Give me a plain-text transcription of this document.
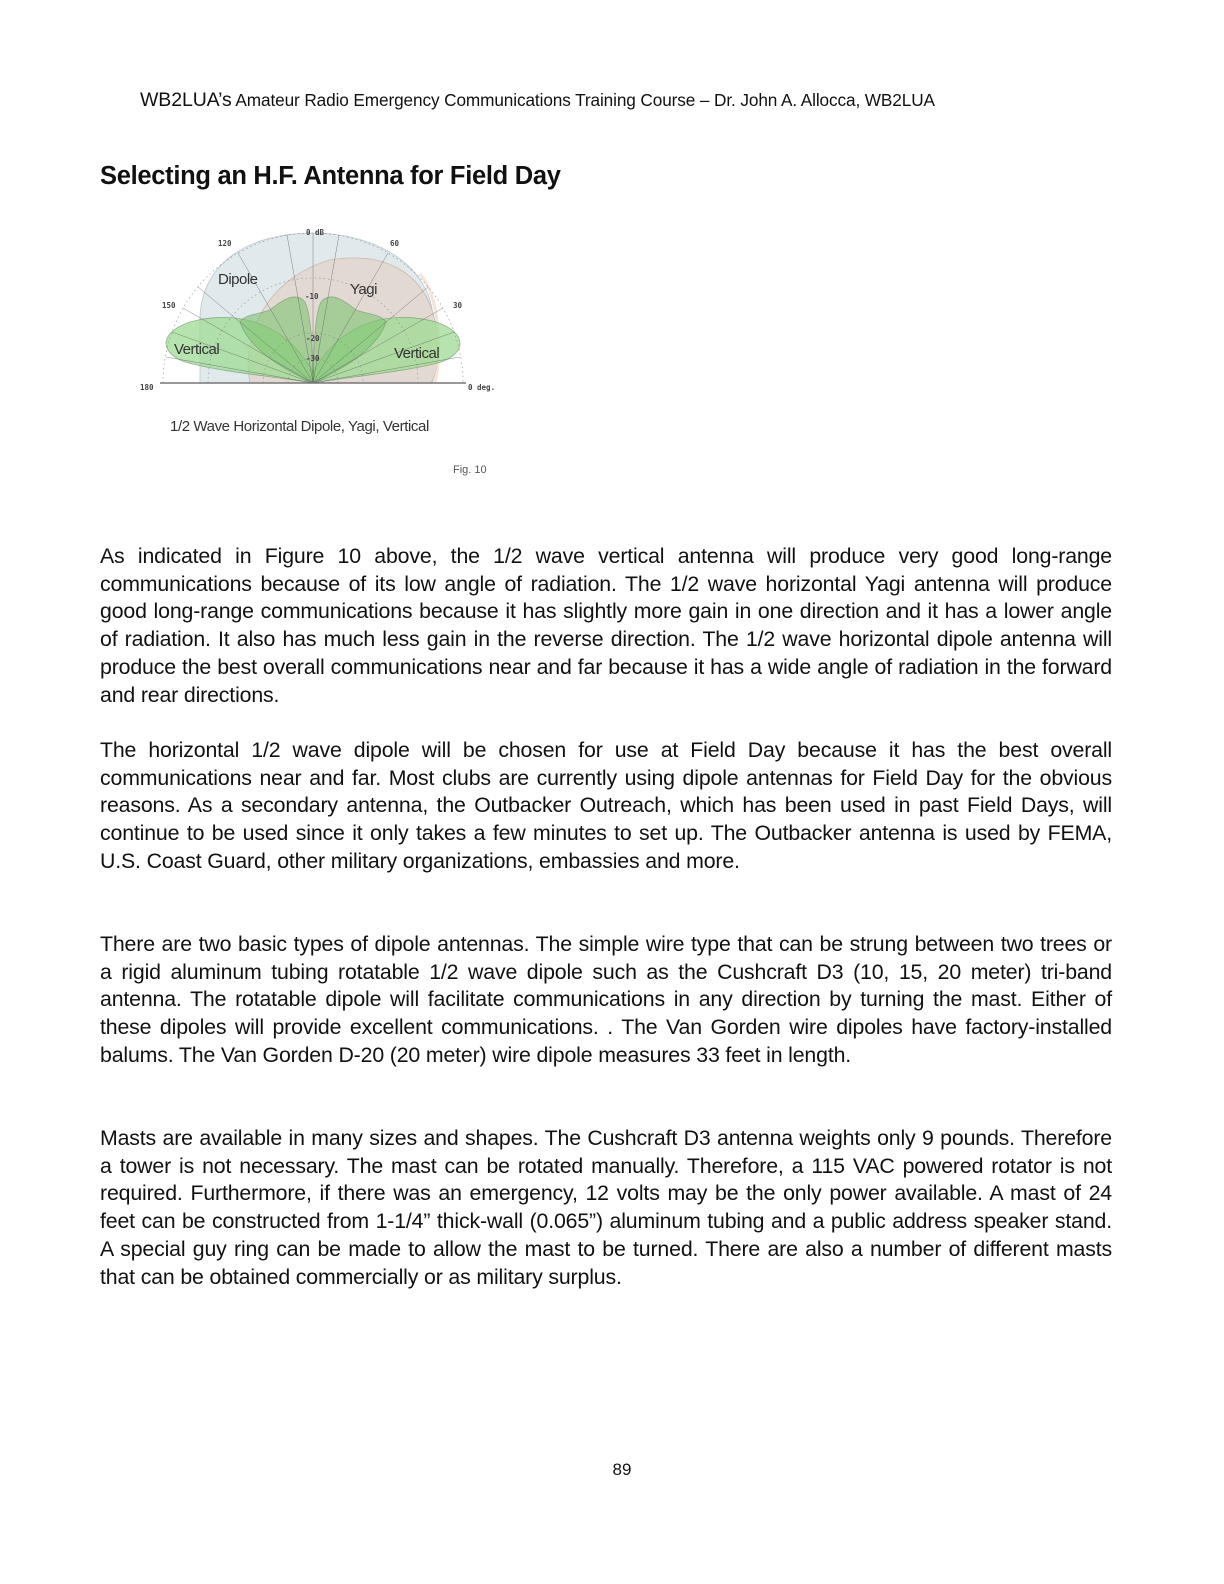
WB2LUA’s Amateur Radio Emergency Communications Training Course – Dr. John A. Allocca, WB2LUA
Selecting an H.F. Antenna for Field Day
0 deg.
30
60
0 dB
120
150
180
-10
-20
-30
Dipole
Yagi
Vertical	Vertical
1/2 Wave Horizontal Dipole, Yagi, Vertical
Fig. 10

As indicated in Figure 10 above, the 1/2 wave vertical antenna will produce very good long-range communications because of its low angle of radiation. The 1/2 wave horizontal Yagi antenna will produce good long-range communications because it has slightly more gain in one direction and it has a lower angle of radiation. It also has much less gain in the reverse direction. The 1/2 wave horizontal dipole antenna will produce the best overall communications near and far because it has a wide angle of radiation in the forward and rear directions.

The horizontal 1/2 wave dipole will be chosen for use at Field Day because it has the best overall communications near and far. Most clubs are currently using dipole antennas for Field Day for the obvious reasons. As a secondary antenna, the Outbacker Outreach, which has been used in past Field Days, will continue to be used since it only takes a few minutes to set up. The Outbacker antenna is used by FEMA, U.S. Coast Guard, other military organizations, embassies and more.

There are two basic types of dipole antennas. The simple wire type that can be strung between two trees or a rigid aluminum tubing rotatable 1/2 wave dipole such as the Cushcraft D3 (10, 15, 20 meter) tri-band antenna. The rotatable dipole will facilitate communications in any direction by turning the mast. Either of these dipoles will provide excellent communications. . The Van Gorden wire dipoles have factory-installed balums. The Van Gorden D-20 (20 meter) wire dipole measures 33 feet in length.

Masts are available in many sizes and shapes. The Cushcraft D3 antenna weights only 9 pounds. Therefore a tower is not necessary. The mast can be rotated manually. Therefore, a 115 VAC powered rotator is not required. Furthermore, if there was an emergency, 12 volts may be the only power available. A mast of 24 feet can be constructed from 1-1/4” thick-wall (0.065”) aluminum tubing and a public address speaker stand. A special guy ring can be made to allow the mast to be turned. There are also a number of different masts that can be obtained commercially or as military surplus.

89
